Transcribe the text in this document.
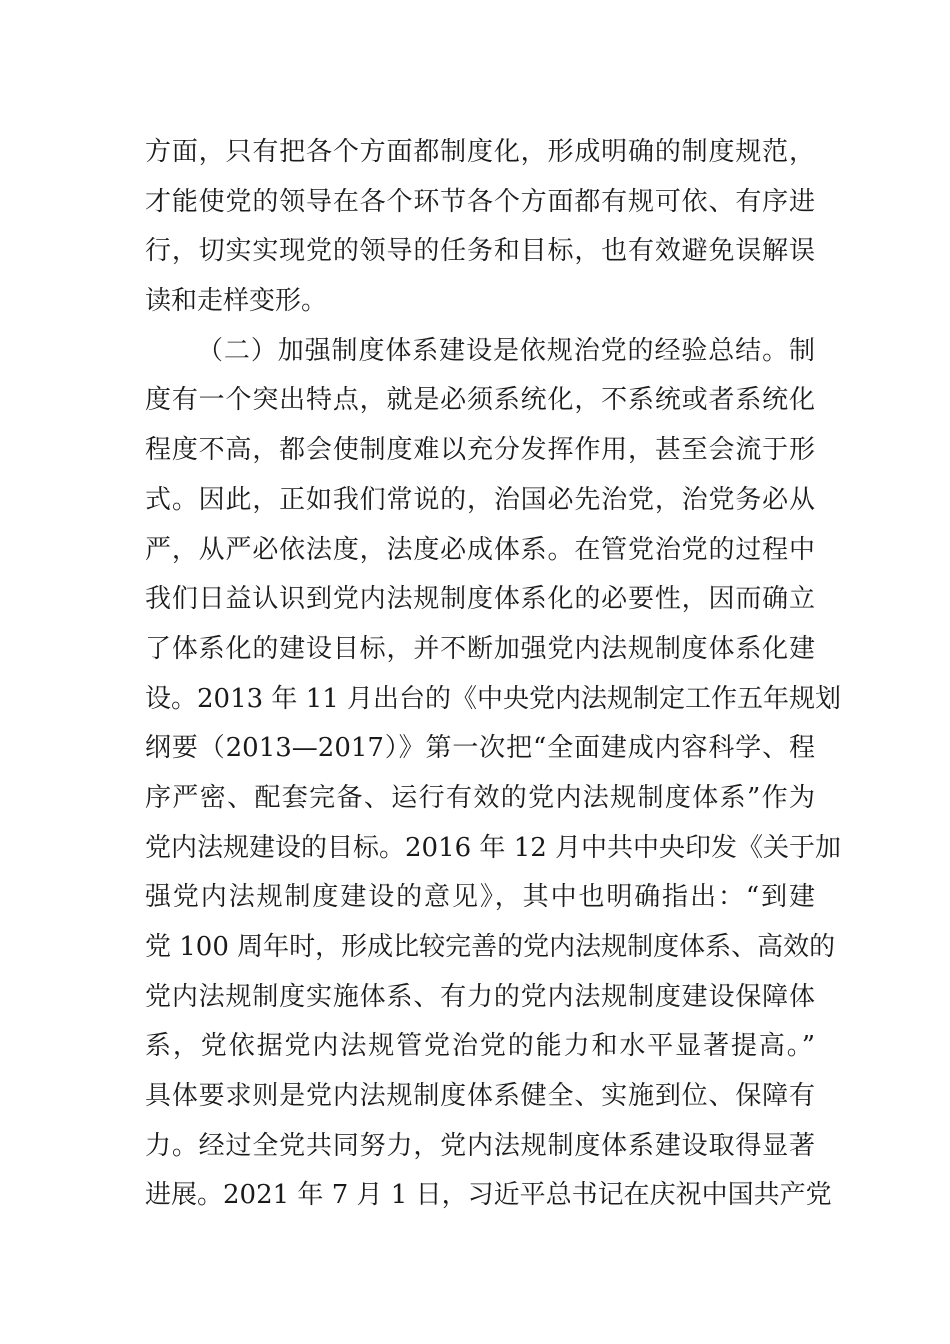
方面，只有把各个方面都制度化，形成明确的制度规范，
才能使党的领导在各个环节各个方面都有规可依、有序进
行，切实实现党的领导的任务和目标，也有效避免误解误
读和走样变形。
（二）加强制度体系建设是依规治党的经验总结。制
度有一个突出特点，就是必须系统化，不系统或者系统化
程度不高，都会使制度难以充分发挥作用，甚至会流于形
式。因此，正如我们常说的，治国必先治党，治党务必从
严，从严必依法度，法度必成体系。在管党治党的过程中
我们日益认识到党内法规制度体系化的必要性，因而确立
了体系化的建设目标，并不断加强党内法规制度体系化建
设。2013 年 11 月出台的《中央党内法规制定工作五年规划
纲要（2013—2017）》第一次把“全面建成内容科学、程
序严密、配套完备、运行有效的党内法规制度体系”作为
党内法规建设的目标。2016 年 12 月中共中央印发《关于加
强党内法规制度建设的意见》，其中也明确指出：“到建
党 100 周年时，形成比较完善的党内法规制度体系、高效的
党内法规制度实施体系、有力的党内法规制度建设保障体
系，党依据党内法规管党治党的能力和水平显著提高。”
具体要求则是党内法规制度体系健全、实施到位、保障有
力。经过全党共同努力，党内法规制度体系建设取得显著
进展。2021 年 7 月 1 日，习近平总书记在庆祝中国共产党
